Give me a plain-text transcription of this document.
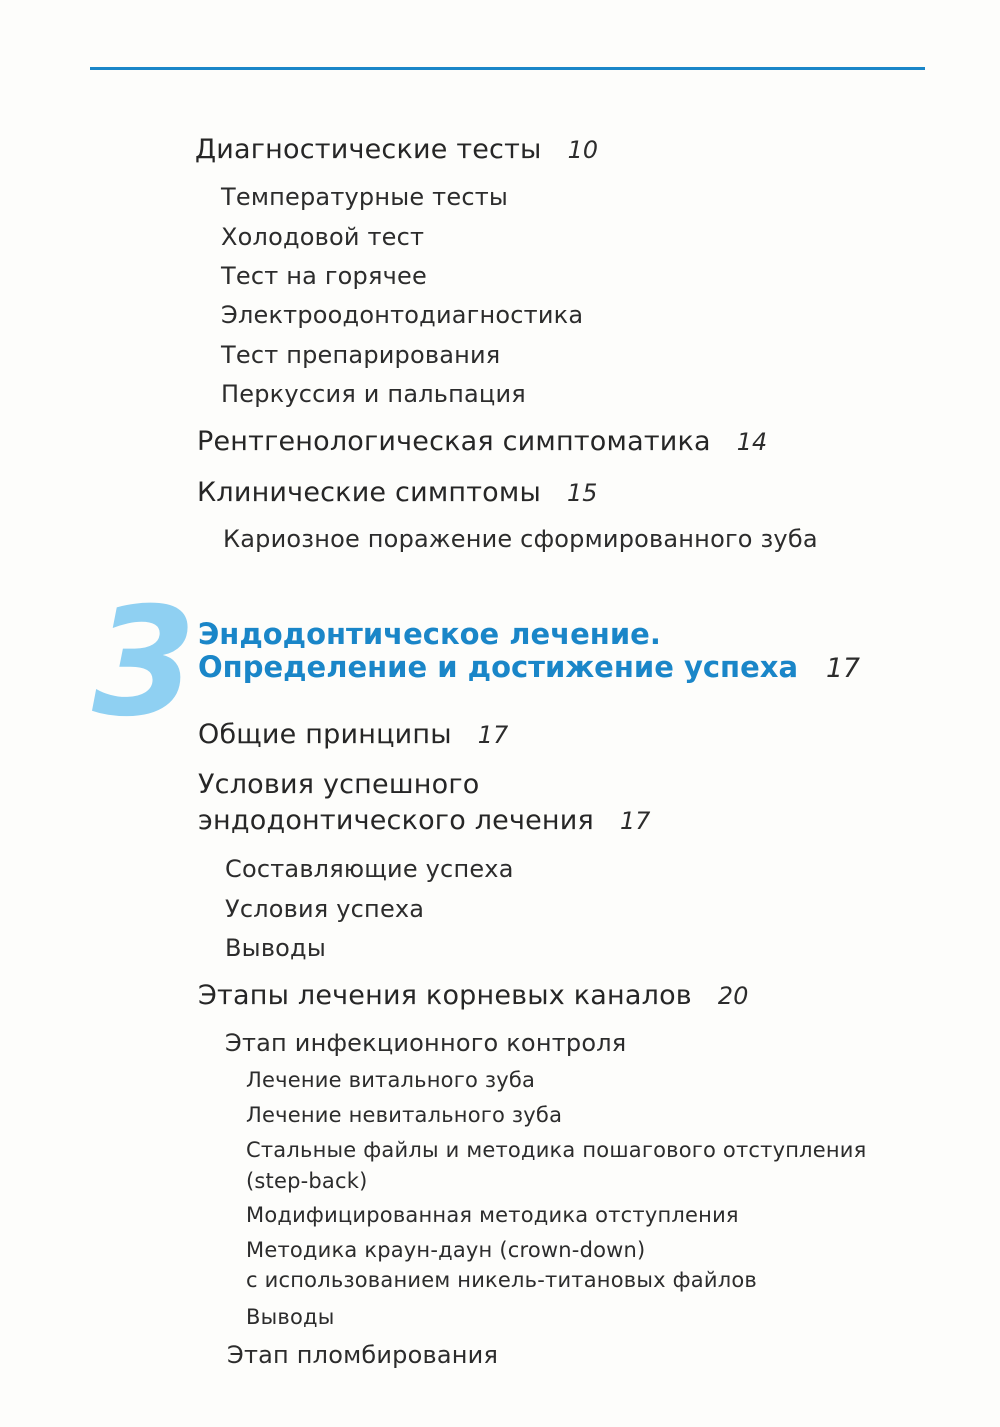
Диагностические тесты 10
Температурные тесты
Холодовой тест
Тест на горячее
Электроодонтодиагностика
Тест препарирования
Перкуссия и пальпация
Рентгенологическая симптоматика 14
Клинические симптомы 15
Кариозное поражение сформированного зуба
3 Эндодонтическое лечение.
Определение и достижение успеха 17
Общие принципы 17
Условия успешного
эндодонтического лечения 17
Составляющие успеха
Условия успеха
Выводы
Этапы лечения корневых каналов 20
Этап инфекционного контроля
Лечение витального зуба
Лечение невитального зуба
Стальные файлы и методика пошагового отступления
(step-back)
Модифицированная методика отступления
Методика краун-даун (crown-down)
с использованием никель-титановых файлов
Выводы
Этап пломбирования
